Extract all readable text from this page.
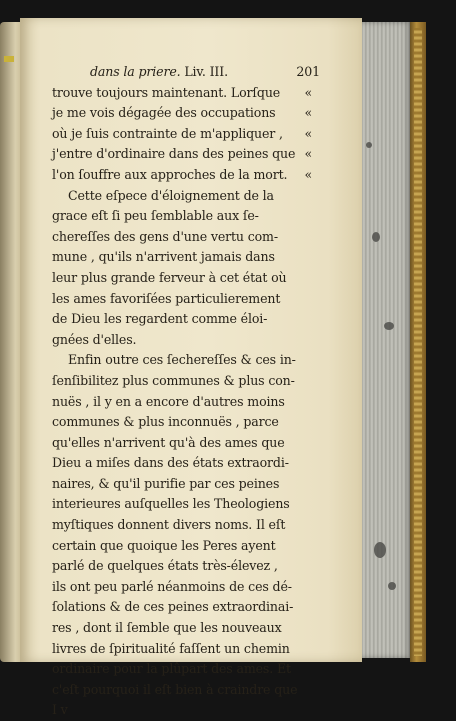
dans la priere. Liv. III.	201
trouve toujours maintenant. Lorſque	«
je me vois dégagée des occupations	«
où je ſuis contrainte de m'appliquer ,	«
j'entre d'ordinaire dans des peines que «
l'on ſouffre aux approches de la mort.	«
Cette eſpece d'éloignement de la
grace eſt ſi peu ſemblable aux ſe-
chereſſes des gens d'une vertu com-
mune , qu'ils n'arrivent jamais dans
leur plus grande ferveur à cet état où
les ames favoriſées particulierement
de Dieu les regardent comme éloi-
gnées d'elles.
Enfin outre ces ſechereſſes & ces in-
ſenſibilitez plus communes & plus con-
nuës , il y en a encore d'autres moins
communes & plus inconnuës , parce
qu'elles n'arrivent qu'à des ames que
Dieu a miſes dans des états extraordi-
naires, & qu'il purifie par ces peines
interieures auſquelles les Theologiens
myſtiques donnent divers noms. Il eſt
certain que quoique les Peres ayent
parlé de quelques états très-élevez ,
ils ont peu parlé néanmoins de ces dé-
ſolations & de ces peines extraordinai-
res , dont il ſemble que les nouveaux
livres de ſpiritualité faſſent un chemin
ordinaire pour la plûpart des ames. Et
c'eſt pourquoi il eſt bien à craindre que
I v
